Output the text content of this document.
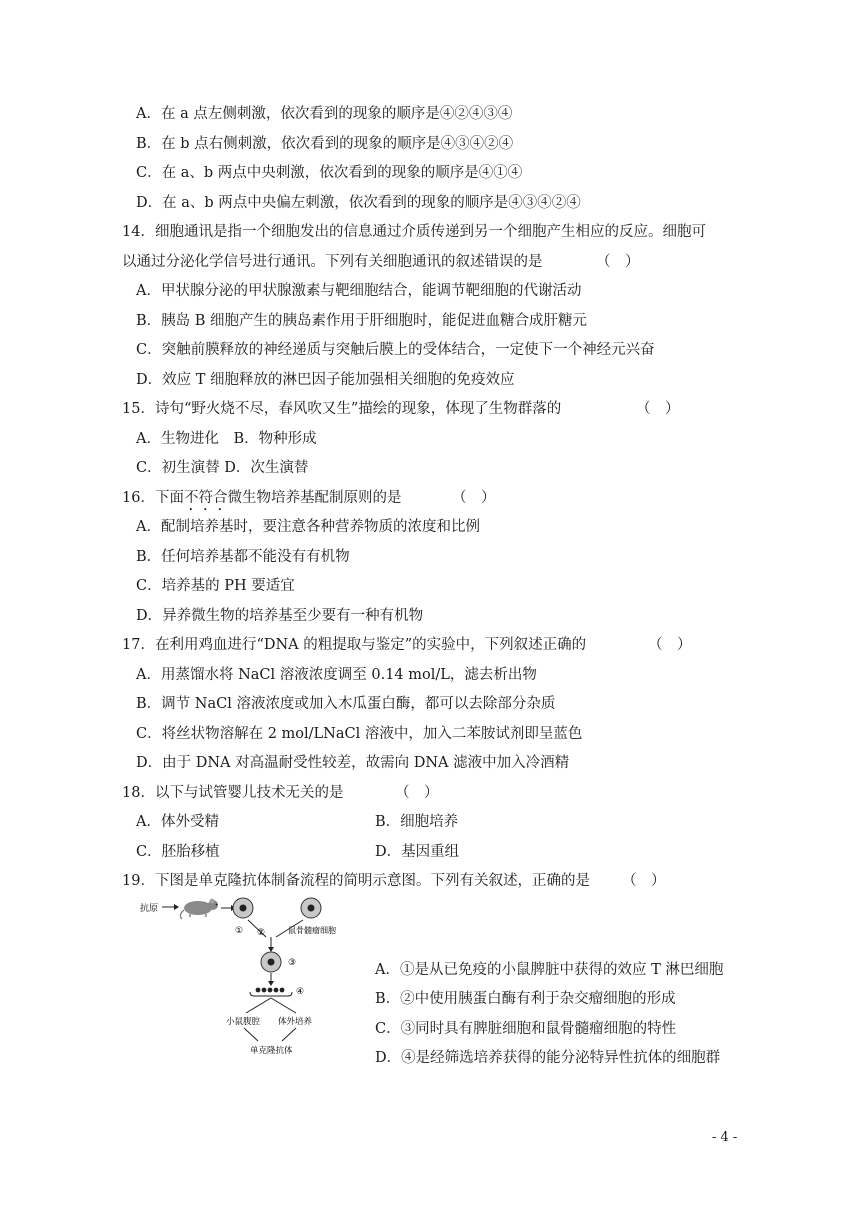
A．在 a 点左侧刺激，依次看到的现象的顺序是④②④③④
B．在 b 点右侧刺激，依次看到的现象的顺序是④③④②④
C．在 a、b 两点中央刺激，依次看到的现象的顺序是④①④
D．在 a、b 两点中央偏左刺激，依次看到的现象的顺序是④③④②④
14．细胞通讯是指一个细胞发出的信息通过介质传递到另一个细胞产生相应的反应。细胞可
以通过分泌化学信号进行通讯。下列有关细胞通讯的叙述错误的是	（　）
A．甲状腺分泌的甲状腺激素与靶细胞结合，能调节靶细胞的代谢活动
B．胰岛 B 细胞产生的胰岛素作用于肝细胞时，能促进血糖合成肝糖元
C．突触前膜释放的神经递质与突触后膜上的受体结合，一定使下一个神经元兴奋
D．效应 T 细胞释放的淋巴因子能加强相关细胞的免疫效应
15．诗句“野火烧不尽，春风吹又生”描绘的现象，体现了生物群落的	（　）
A．生物进化　B．物种形成
C．初生演替 D．次生演替
16．下面不符合微生物培养基配制原则的是	（　）
A．配制培养基时，要注意各种营养物质的浓度和比例
B．任何培养基都不能没有有机物
C．培养基的 PH 要适宜
D．异养微生物的培养基至少要有一种有机物
17．在利用鸡血进行“DNA 的粗提取与鉴定”的实验中，下列叙述正确的	（　）
A．用蒸馏水将 NaCl 溶液浓度调至 0.14 mol/L，滤去析出物
B．调节 NaCl 溶液浓度或加入木瓜蛋白酶，都可以去除部分杂质
C．将丝状物溶解在 2 mol/LNaCl 溶液中，加入二苯胺试剂即呈蓝色
D．由于 DNA 对高温耐受性较差，故需向 DNA 滤液中加入冷酒精
18．以下与试管婴儿技术无关的是	（　）
A．体外受精	B．细胞培养
C．胚胎移植	D．基因重组
19．下图是单克隆抗体制备流程的简明示意图。下列有关叙述，正确的是 （　）
抗原
①	鼠骨髓瘤细胞
②
③
④
小鼠腹腔 体外培养
单克隆抗体
A．①是从已免疫的小鼠脾脏中获得的效应 T 淋巴细胞
B．②中使用胰蛋白酶有利于杂交瘤细胞的形成
C．③同时具有脾脏细胞和鼠骨髓瘤细胞的特性
D．④是经筛选培养获得的能分泌特异性抗体的细胞群
- 4 -
